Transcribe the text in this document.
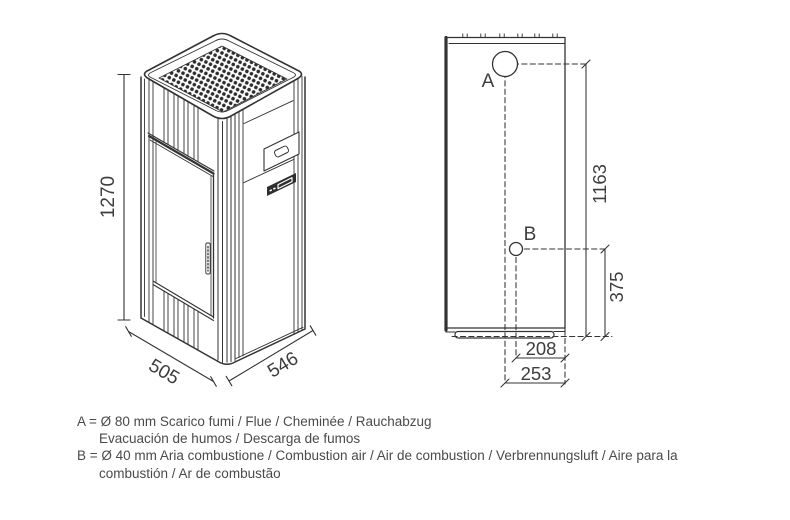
1270
505	546
A
B
1163
375
208
253
A = Ø 80 mm Scarico fumi / Flue / Cheminée / Rauchabzug
Evacuación de humos / Descarga de fumos
B = Ø 40 mm Aria combustione / Combustion air / Air de combustion / Verbrennungsluft / Aire para la
combustión / Ar de combustão
